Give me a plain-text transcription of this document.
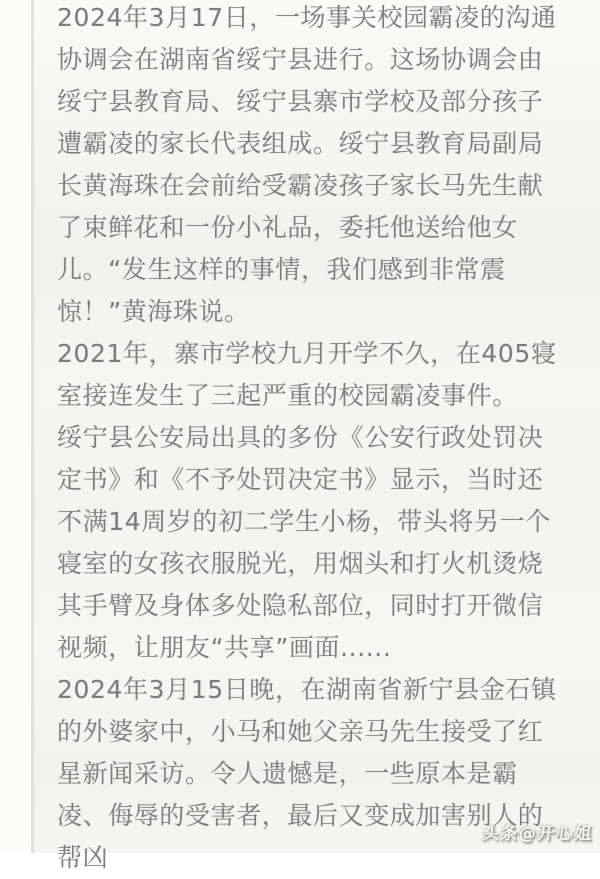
2024年3月17日，一场事关校园霸凌的沟通
协调会在湖南省绥宁县进行。这场协调会由
绥宁县教育局、绥宁县寨市学校及部分孩子
遭霸凌的家长代表组成。绥宁县教育局副局
长黄海珠在会前给受霸凌孩子家长马先生献
了束鲜花和一份小礼品，委托他送给他女
儿。“发生这样的事情，我们感到非常震
惊！”黄海珠说。
2021年，寨市学校九月开学不久，在405寝
室接连发生了三起严重的校园霸凌事件。
绥宁县公安局出具的多份《公安行政处罚决
定书》和《不予处罚决定书》显示，当时还
不满14周岁的初二学生小杨，带头将另一个
寝室的女孩衣服脱光，用烟头和打火机烫烧
其手臂及身体多处隐私部位，同时打开微信
视频，让朋友“共享”画面......
2024年3月15日晚，在湖南省新宁县金石镇
的外婆家中，小马和她父亲马先生接受了红
星新闻采访。令人遗憾是，一些原本是霸
凌、侮辱的受害者，最后又变成加害别人的
帮凶
头条@开心姐
